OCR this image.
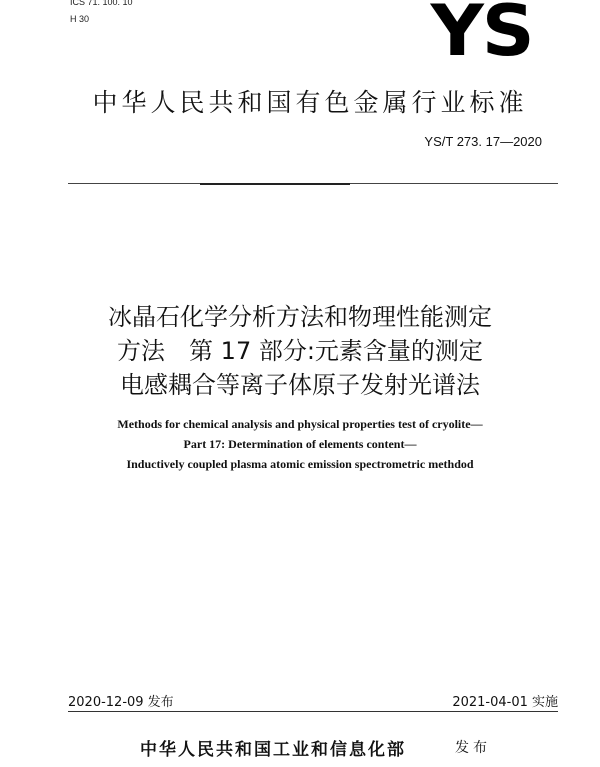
ICS 71. 100. 10
H 30	YS
中华人民共和国有色金属行业标准
YS/T 273. 17—2020
冰晶石化学分析方法和物理性能测定
方法　第 17 部分:元素含量的测定
电感耦合等离子体原子发射光谱法
Methods for chemical analysis and physical properties test of cryolite—
Part 17: Determination of elements content—
Inductively coupled plasma atomic emission spectrometric methdod
2020-12-09 发布	2021-04-01 实施
中华人民共和国工业和信息化部	发布
